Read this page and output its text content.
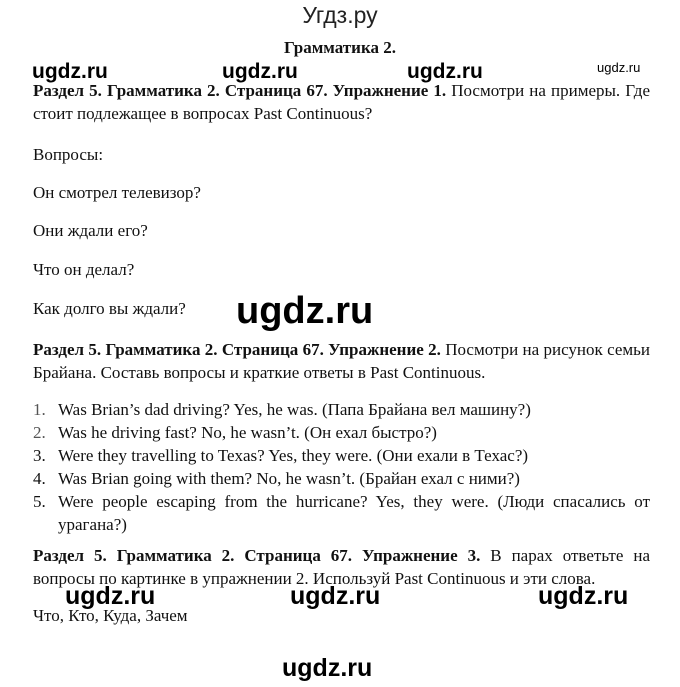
Угдз.ру
Грамматика 2.
ugdz.ru	ugdz.ru	ugdz.ru	ugdz.ru
ugdz.ru
ugdz.ru	ugdz.ru	ugdz.ru
ugdz.ru
Раздел 5. Грамматика 2. Страница 67. Упражнение 1. Посмотри на примеры. Где стоит подлежащее в вопросах Past Continuous?
Вопросы:
Он смотрел телевизор?
Они ждали его?
Что он делал?
Как долго вы ждали?
Раздел 5. Грамматика 2. Страница 67. Упражнение 2. Посмотри на рисунок семьи Брайана. Составь вопросы и краткие ответы в Past Continuous.
1. Was Brian’s dad driving? Yes, he was. (Папа Брайана вел машину?)
2. Was he driving fast? No, he wasn’t. (Он ехал быстро?)
3. Were they travelling to Texas? Yes, they were. (Они ехали в Техас?)
4. Was Brian going with them? No, he wasn’t. (Брайан ехал с ними?)
5. Were people escaping from the hurricane? Yes, they were. (Люди спасались от урагана?)
Раздел 5. Грамматика 2. Страница 67. Упражнение 3. В парах ответьте на вопросы по картинке в упражнении 2. Используй Past Continuous и эти слова.
Что, Кто, Куда, Зачем
